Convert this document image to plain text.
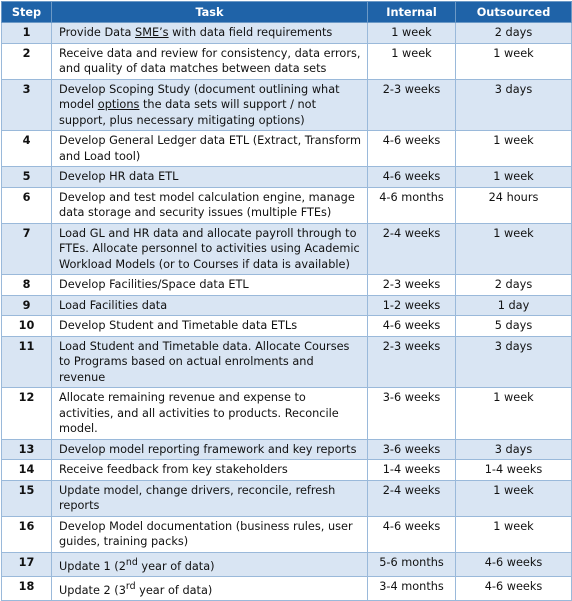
Step	Task	Internal	Outsourced
1	Provide Data SME’s with data field requirements	1 week	2 days
2	Receive data and review for consistency, data errors, and quality of data matches between data sets	1 week	1 week
3	Develop Scoping Study (document outlining what model options the data sets will support / not support, plus necessary mitigating options)	2-3 weeks	3 days
4	Develop General Ledger data ETL (Extract, Transform and Load tool)	4-6 weeks	1 week
5	Develop HR data ETL	4-6 weeks	1 week
6	Develop and test model calculation engine, manage data storage and security issues (multiple FTEs)	4-6 months	24 hours
7	Load GL and HR data and allocate payroll through to FTEs. Allocate personnel to activities using Academic Workload Models (or to Courses if data is available)	2-4 weeks	1 week
8	Develop Facilities/Space data ETL	2-3 weeks	2 days
9	Load Facilities data	1-2 weeks	1 day
10	Develop Student and Timetable data ETLs	4-6 weeks	5 days
11	Load Student and Timetable data. Allocate Courses to Programs based on actual enrolments and revenue	2-3 weeks	3 days
12	Allocate remaining revenue and expense to activities, and all activities to products. Reconcile model.	3-6 weeks	1 week
13	Develop model reporting framework and key reports	3-6 weeks	3 days
14	Receive feedback from key stakeholders	1-4 weeks	1-4 weeks
15	Update model, change drivers, reconcile, refresh reports	2-4 weeks	1 week
16	Develop Model documentation (business rules, user guides, training packs)	4-6 weeks	1 week
17	Update 1 (2nd year of data)	5-6 months	4-6 weeks
18	Update 2 (3rd year of data)	3-4 months	4-6 weeks
